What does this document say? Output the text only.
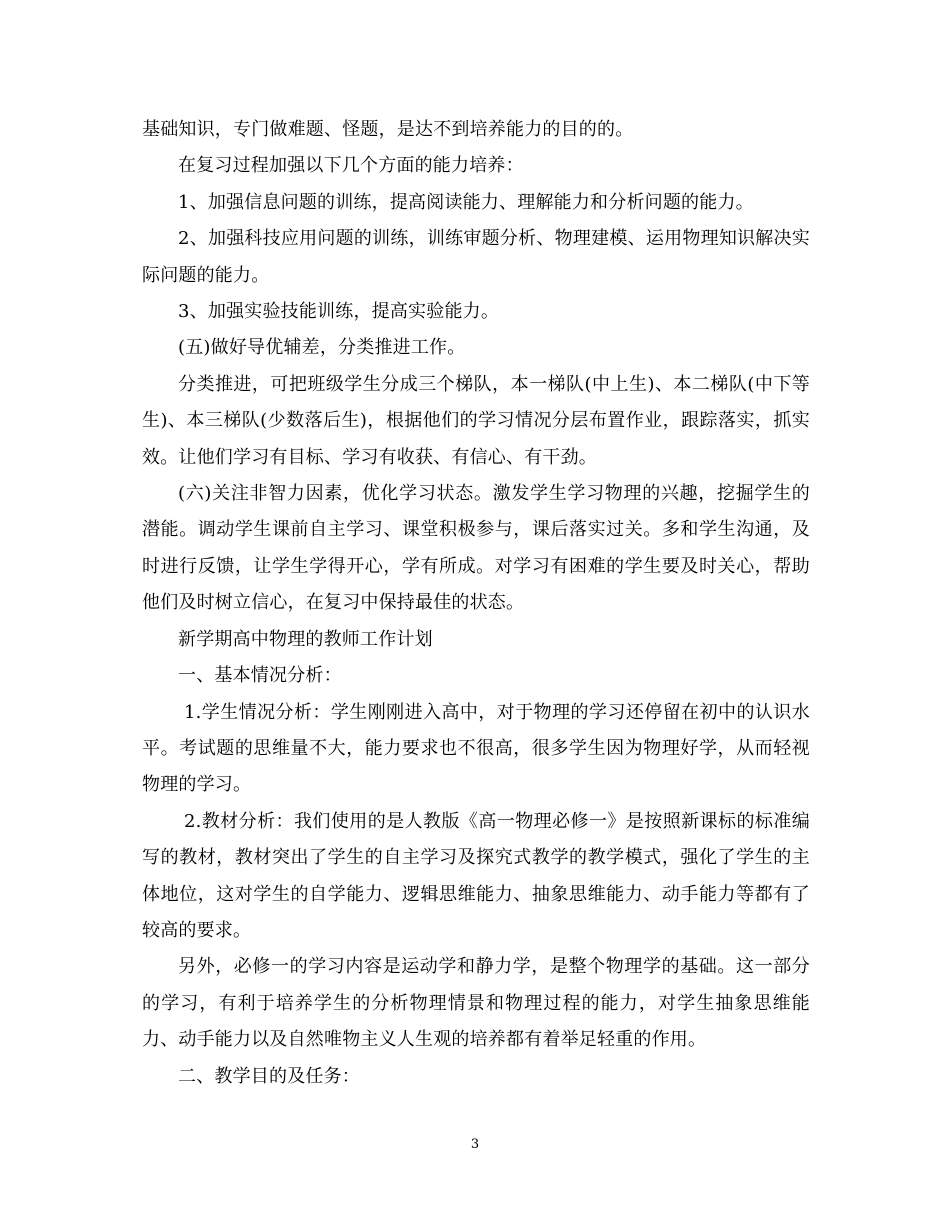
基础知识，专门做难题、怪题，是达不到培养能力的目的的。

在复习过程加强以下几个方面的能力培养：

1、加强信息问题的训练，提高阅读能力、理解能力和分析问题的能力。

2、加强科技应用问题的训练，训练审题分析、物理建模、运用物理知识解决实际问题的能力。

3、加强实验技能训练，提高实验能力。

(五)做好导优辅差，分类推进工作。

分类推进，可把班级学生分成三个梯队，本一梯队(中上生)、本二梯队(中下等生)、本三梯队(少数落后生)，根据他们的学习情况分层布置作业，跟踪落实，抓实效。让他们学习有目标、学习有收获、有信心、有干劲。

(六)关注非智力因素，优化学习状态。激发学生学习物理的兴趣，挖掘学生的潜能。调动学生课前自主学习、课堂积极参与，课后落实过关。多和学生沟通，及时进行反馈，让学生学得开心，学有所成。对学习有困难的学生要及时关心，帮助他们及时树立信心，在复习中保持最佳的状态。

新学期高中物理的教师工作计划

一、基本情况分析：

1.学生情况分析：学生刚刚进入高中，对于物理的学习还停留在初中的认识水平。考试题的思维量不大，能力要求也不很高，很多学生因为物理好学，从而轻视物理的学习。

2.教材分析：我们使用的是人教版《高一物理必修一》是按照新课标的标准编写的教材，教材突出了学生的自主学习及探究式教学的教学模式，强化了学生的主体地位，这对学生的自学能力、逻辑思维能力、抽象思维能力、动手能力等都有了较高的要求。

另外，必修一的学习内容是运动学和静力学，是整个物理学的基础。这一部分的学习，有利于培养学生的分析物理情景和物理过程的能力，对学生抽象思维能力、动手能力以及自然唯物主义人生观的培养都有着举足轻重的作用。

二、教学目的及任务：

3
